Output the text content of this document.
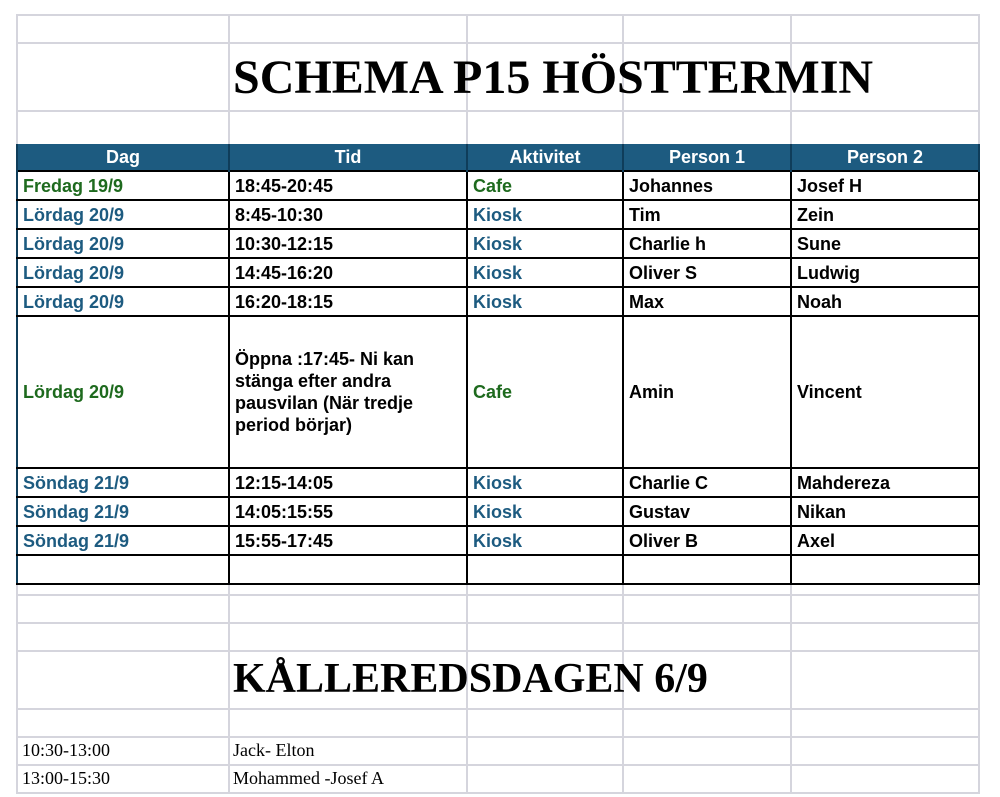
SCHEMA P15 HÖSTTERMIN
Dag	Tid	Aktivitet	Person 1	Person 2
Fredag 19/9	18:45-20:45	Cafe	Johannes	Josef H
Lördag 20/9	8:45-10:30	Kiosk	Tim	Zein
Lördag 20/9	10:30-12:15	Kiosk	Charlie h	Sune
Lördag 20/9	14:45-16:20	Kiosk	Oliver S	Ludwig
Lördag 20/9	16:20-18:15	Kiosk	Max	Noah
Lördag 20/9	Öppna :17:45- Ni kan stänga efter andra pausvilan (När tredje period börjar)	Cafe	Amin	Vincent
Söndag 21/9	12:15-14:05	Kiosk	Charlie C	Mahdereza
Söndag 21/9	14:05:15:55	Kiosk	Gustav	Nikan
Söndag 21/9	15:55-17:45	Kiosk	Oliver B	Axel

KÅLLEREDSDAGEN 6/9
10:30-13:00	Jack- Elton
13:00-15:30	Mohammed -Josef A
